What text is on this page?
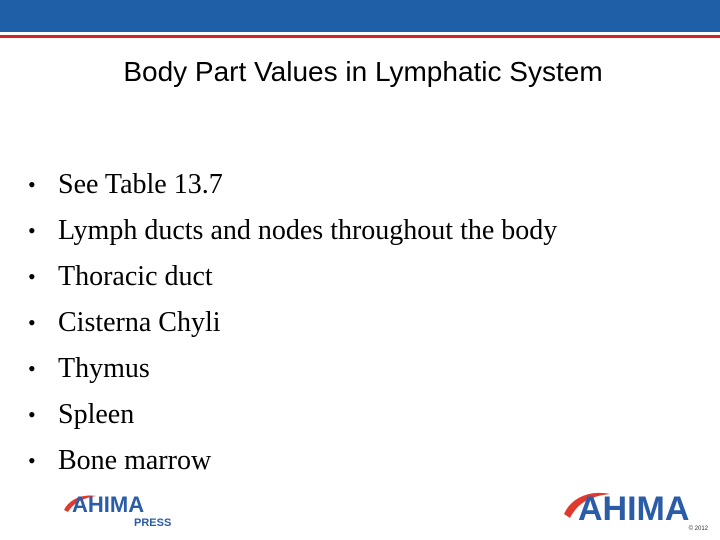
Body Part Values in Lymphatic System
• See Table 13.7
• Lymph ducts and nodes throughout the body
• Thoracic duct
• Cisterna Chyli
• Thymus
• Spleen
• Bone marrow
AHIMA
PRESS	AHIMA
© 2012
